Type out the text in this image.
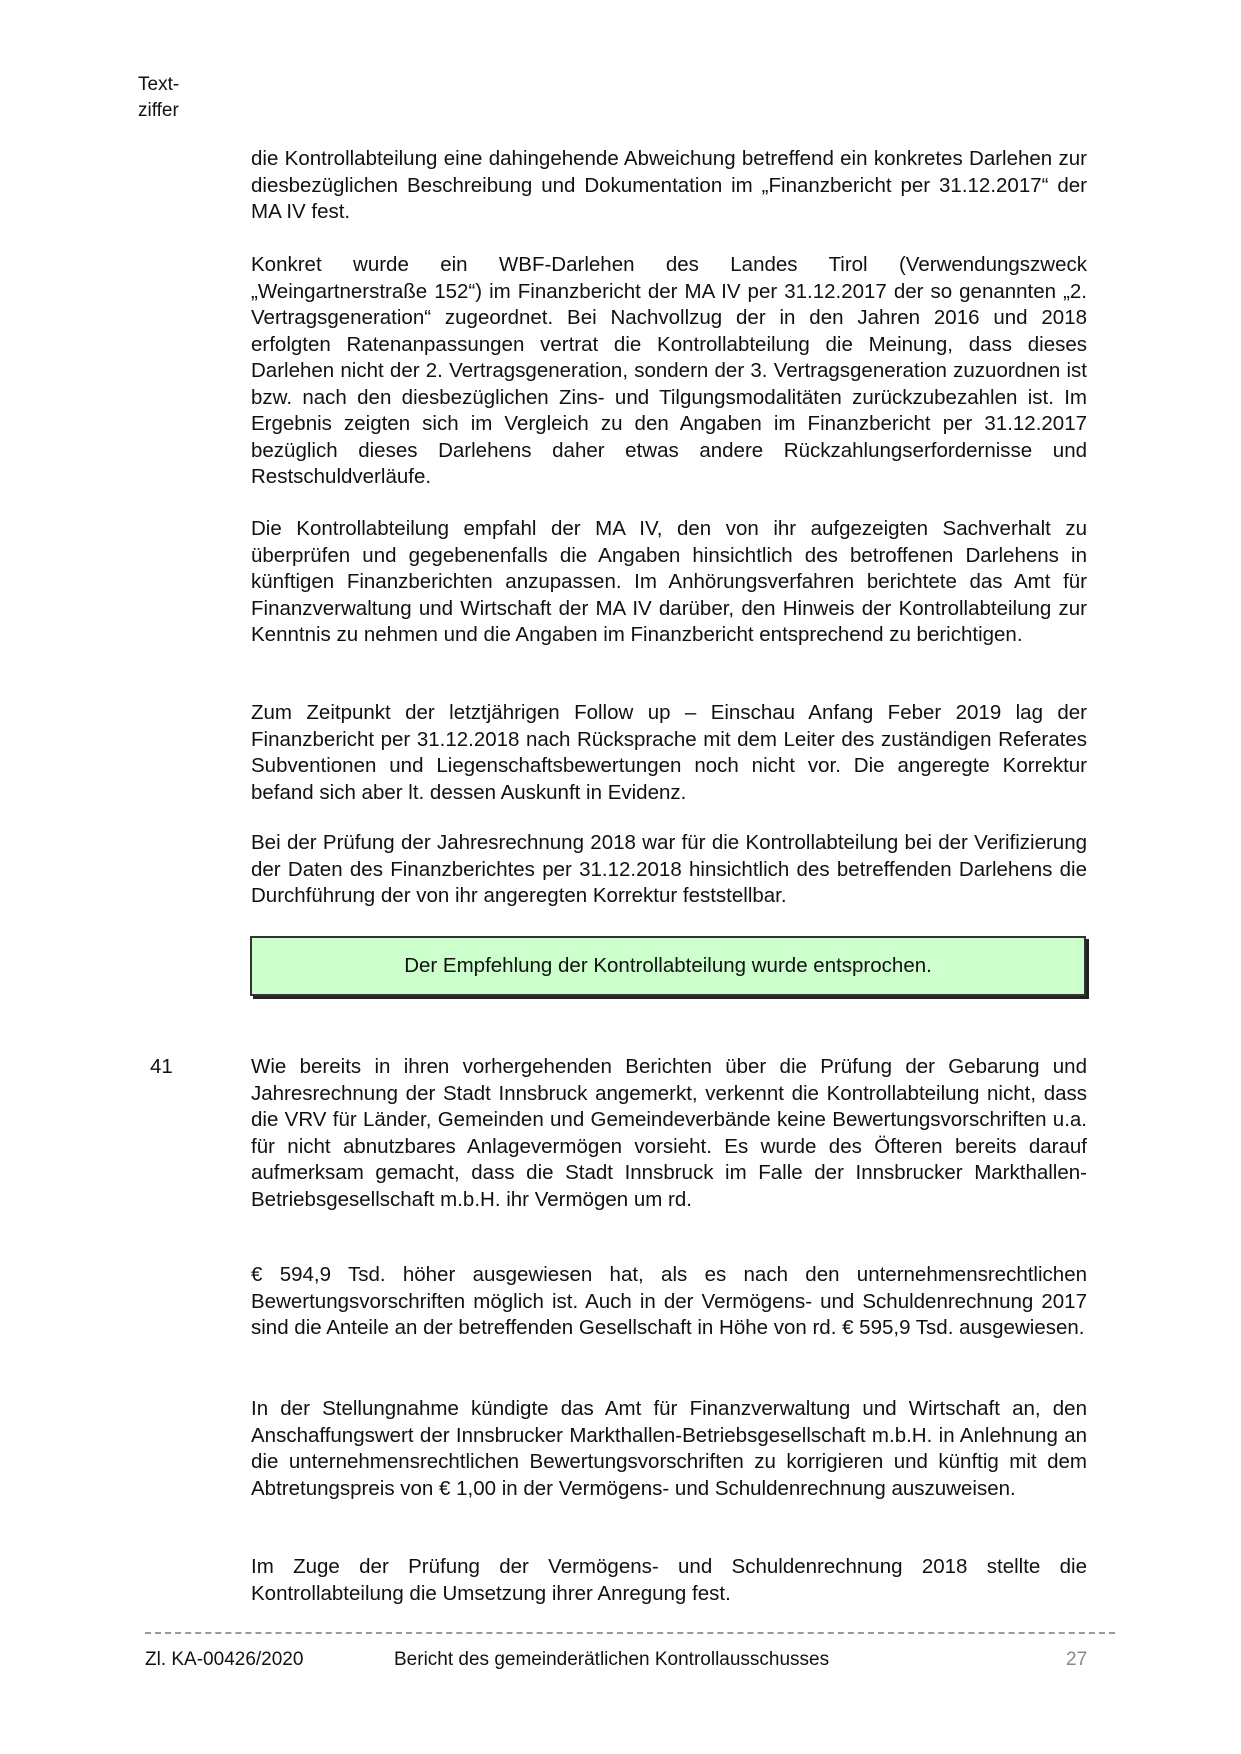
Text-
ziffer

die Kontrollabteilung eine dahingehende Abweichung betreffend ein konkretes Darlehen zur diesbezüglichen Beschreibung und Dokumentation im „Finanzbericht per 31.12.2017“ der MA IV fest.

Konkret wurde ein WBF-Darlehen des Landes Tirol (Verwendungszweck „Weingartnerstraße 152“) im Finanzbericht der MA IV per 31.12.2017 der so genannten „2. Vertragsgeneration“ zugeordnet. Bei Nachvollzug der in den Jahren 2016 und 2018 erfolgten Ratenanpassungen vertrat die Kontrollabteilung die Meinung, dass dieses Darlehen nicht der 2. Vertragsgeneration, sondern der 3. Vertragsgeneration zuzuordnen ist bzw. nach den diesbezüglichen Zins- und Tilgungsmodalitäten zurückzubezahlen ist. Im Ergebnis zeigten sich im Vergleich zu den Angaben im Finanzbericht per 31.12.2017 bezüglich dieses Darlehens daher etwas andere Rückzahlungserfordernisse und Restschuldverläufe.

Die Kontrollabteilung empfahl der MA IV, den von ihr aufgezeigten Sachverhalt zu überprüfen und gegebenenfalls die Angaben hinsichtlich des betroffenen Darlehens in künftigen Finanzberichten anzupassen. Im Anhörungsverfahren berichtete das Amt für Finanzverwaltung und Wirtschaft der MA IV darüber, den Hinweis der Kontrollabteilung zur Kenntnis zu nehmen und die Angaben im Finanzbericht entsprechend zu berichtigen.

Zum Zeitpunkt der letztjährigen Follow up – Einschau Anfang Feber 2019 lag der Finanzbericht per 31.12.2018 nach Rücksprache mit dem Leiter des zuständigen Referates Subventionen und Liegenschaftsbewertungen noch nicht vor. Die angeregte Korrektur befand sich aber lt. dessen Auskunft in Evidenz.

Bei der Prüfung der Jahresrechnung 2018 war für die Kontrollabteilung bei der Verifizierung der Daten des Finanzberichtes per 31.12.2018 hinsichtlich des betreffenden Darlehens die Durchführung der von ihr angeregten Korrektur feststellbar.

Der Empfehlung der Kontrollabteilung wurde entsprochen.
41	Wie bereits in ihren vorhergehenden Berichten über die Prüfung der Gebarung und Jahresrechnung der Stadt Innsbruck angemerkt, verkennt die Kontrollabteilung nicht, dass die VRV für Länder, Gemeinden und Gemeindeverbände keine Bewertungsvorschriften u.a. für nicht abnutzbares Anlagevermögen vorsieht. Es wurde des Öfteren bereits darauf aufmerksam gemacht, dass die Stadt Innsbruck im Falle der Innsbrucker Markthallen-Betriebsgesellschaft m.b.H. ihr Vermögen um rd.

€ 594,9 Tsd. höher ausgewiesen hat, als es nach den unternehmensrechtlichen Bewertungsvorschriften möglich ist. Auch in der Vermögens- und Schuldenrechnung 2017 sind die Anteile an der betreffenden Gesellschaft in Höhe von rd. € 595,9 Tsd. ausgewiesen.

In der Stellungnahme kündigte das Amt für Finanzverwaltung und Wirtschaft an, den Anschaffungswert der Innsbrucker Markthallen-Betriebsgesellschaft m.b.H. in Anlehnung an die unternehmensrechtlichen Bewertungsvorschriften zu korrigieren und künftig mit dem Abtretungspreis von € 1,00 in der Vermögens- und Schuldenrechnung auszuweisen.

Im Zuge der Prüfung der Vermögens- und Schuldenrechnung 2018 stellte die Kontrollabteilung die Umsetzung ihrer Anregung fest.

Zl. KA-00426/2020	Bericht des gemeinderätlichen Kontrollausschusses	27
